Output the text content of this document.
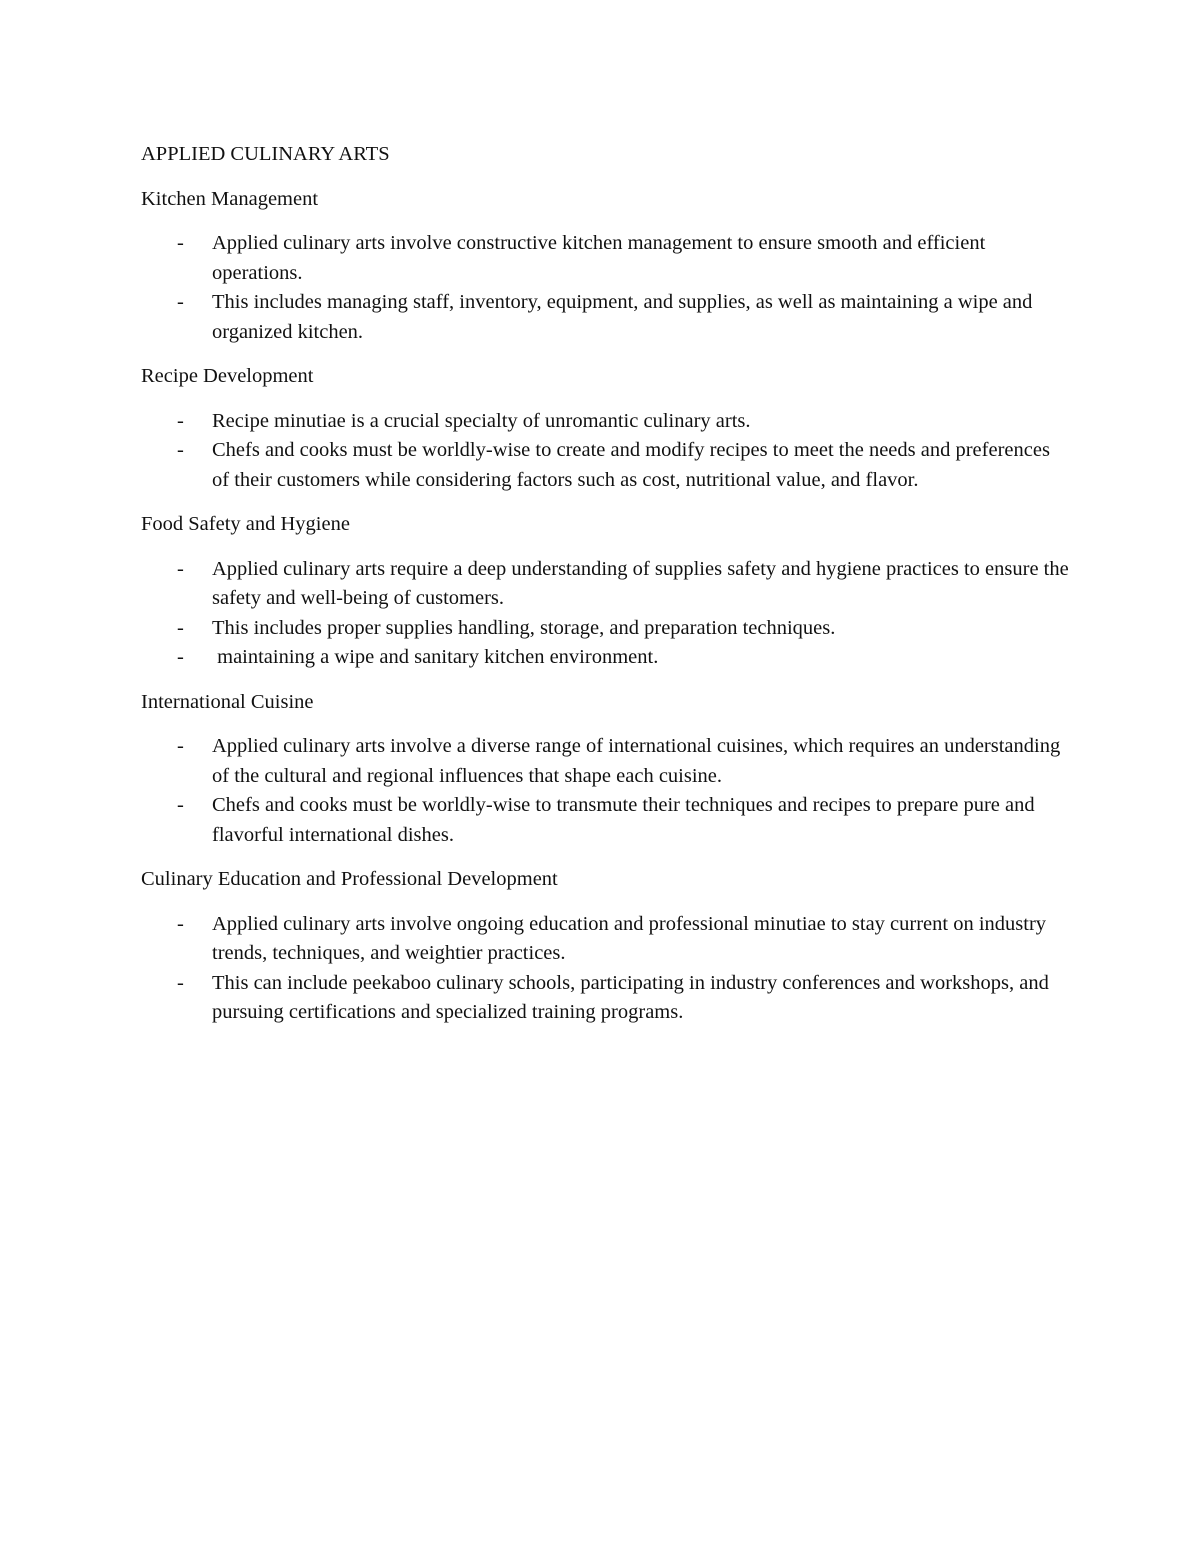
APPLIED CULINARY ARTS
Kitchen Management
- Applied culinary arts involve constructive kitchen management to ensure smooth and efficient operations.
- This includes managing staff, inventory, equipment, and supplies, as well as maintaining a wipe and organized kitchen.
Recipe Development
- Recipe minutiae is a crucial specialty of unromantic culinary arts.
- Chefs and cooks must be worldly-wise to create and modify recipes to meet the needs and preferences of their customers while considering factors such as cost, nutritional value, and flavor.
Food Safety and Hygiene
- Applied culinary arts require a deep understanding of supplies safety and hygiene practices to ensure the safety and well-being of customers.
- This includes proper supplies handling, storage, and preparation techniques.
- maintaining a wipe and sanitary kitchen environment.
International Cuisine
- Applied culinary arts involve a diverse range of international cuisines, which requires an understanding of the cultural and regional influences that shape each cuisine.
- Chefs and cooks must be worldly-wise to transmute their techniques and recipes to prepare pure and flavorful international dishes.
Culinary Education and Professional Development
- Applied culinary arts involve ongoing education and professional minutiae to stay current on industry trends, techniques, and weightier practices.
- This can include peekaboo culinary schools, participating in industry conferences and workshops, and pursuing certifications and specialized training programs.
